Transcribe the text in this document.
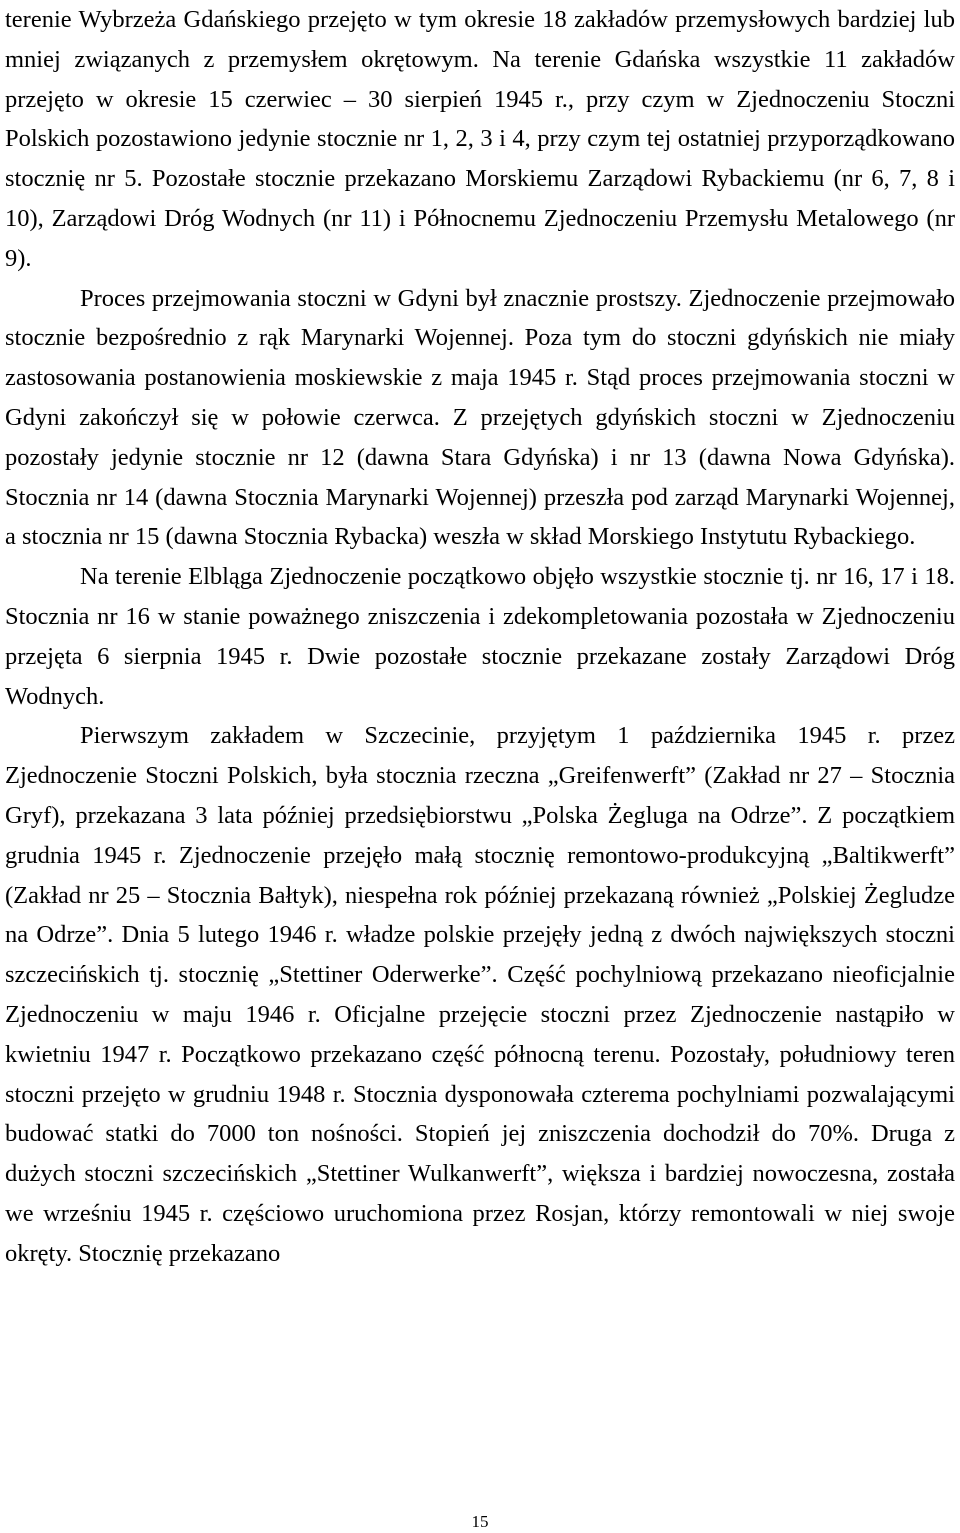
terenie Wybrzeża Gdańskiego przejęto w tym okresie 18 zakładów przemysłowych bardziej lub mniej związanych z przemysłem okrętowym. Na terenie Gdańska wszystkie 11 zakładów przejęto w okresie 15 czerwiec – 30 sierpień 1945 r., przy czym w Zjednoczeniu Stoczni Polskich pozostawiono jedynie stocznie nr 1, 2, 3 i 4, przy czym tej ostatniej przyporządkowano stocznię nr 5. Pozostałe stocznie przekazano Morskiemu Zarządowi Rybackiemu (nr 6, 7, 8 i 10), Zarządowi Dróg Wodnych (nr 11) i Północnemu Zjednoczeniu Przemysłu Metalowego (nr 9).

Proces przejmowania stoczni w Gdyni był znacznie prostszy. Zjednoczenie przejmowało stocznie bezpośrednio z rąk Marynarki Wojennej. Poza tym do stoczni gdyńskich nie miały zastosowania postanowienia moskiewskie z maja 1945 r. Stąd proces przejmowania stoczni w Gdyni zakończył się w połowie czerwca. Z przejętych gdyńskich stoczni w Zjednoczeniu pozostały jedynie stocznie nr 12 (dawna Stara Gdyńska) i nr 13 (dawna Nowa Gdyńska). Stocznia nr 14 (dawna Stocznia Marynarki Wojennej) przeszła pod zarząd Marynarki Wojennej, a stocznia nr 15 (dawna Stocznia Rybacka) weszła w skład Morskiego Instytutu Rybackiego.

Na terenie Elbląga Zjednoczenie początkowo objęło wszystkie stocznie tj. nr 16, 17 i 18. Stocznia nr 16 w stanie poważnego zniszczenia i zdekompletowania pozostała w Zjednoczeniu przejęta 6 sierpnia 1945 r. Dwie pozostałe stocznie przekazane zostały Zarządowi Dróg Wodnych.

Pierwszym zakładem w Szczecinie, przyjętym 1 października 1945 r. przez Zjednoczenie Stoczni Polskich, była stocznia rzeczna „Greifenwerft” (Zakład nr 27 – Stocznia Gryf), przekazana 3 lata później przedsiębiorstwu „Polska Żegluga na Odrze”. Z początkiem grudnia 1945 r. Zjednoczenie przejęło małą stocznię remontowo-produkcyjną „Baltikwerft” (Zakład nr 25 – Stocznia Bałtyk), niespełna rok później przekazaną również „Polskiej Żegludze na Odrze”. Dnia 5 lutego 1946 r. władze polskie przejęły jedną z dwóch największych stoczni szczecińskich tj. stocznię „Stettiner Oderwerke”. Część pochylniową przekazano nieoficjalnie Zjednoczeniu w maju 1946 r. Oficjalne przejęcie stoczni przez Zjednoczenie nastąpiło w kwietniu 1947 r. Początkowo przekazano część północną terenu. Pozostały, południowy teren stoczni przejęto w grudniu 1948 r. Stocznia dysponowała czterema pochylniami pozwalającymi budować statki do 7000 ton nośności. Stopień jej zniszczenia dochodził do 70%. Druga z dużych stoczni szczecińskich „Stettiner Wulkanwerft”, większa i bardziej nowoczesna, została we wrześniu 1945 r. częściowo uruchomiona przez Rosjan, którzy remontowali w niej swoje okręty. Stocznię przekazano

15
